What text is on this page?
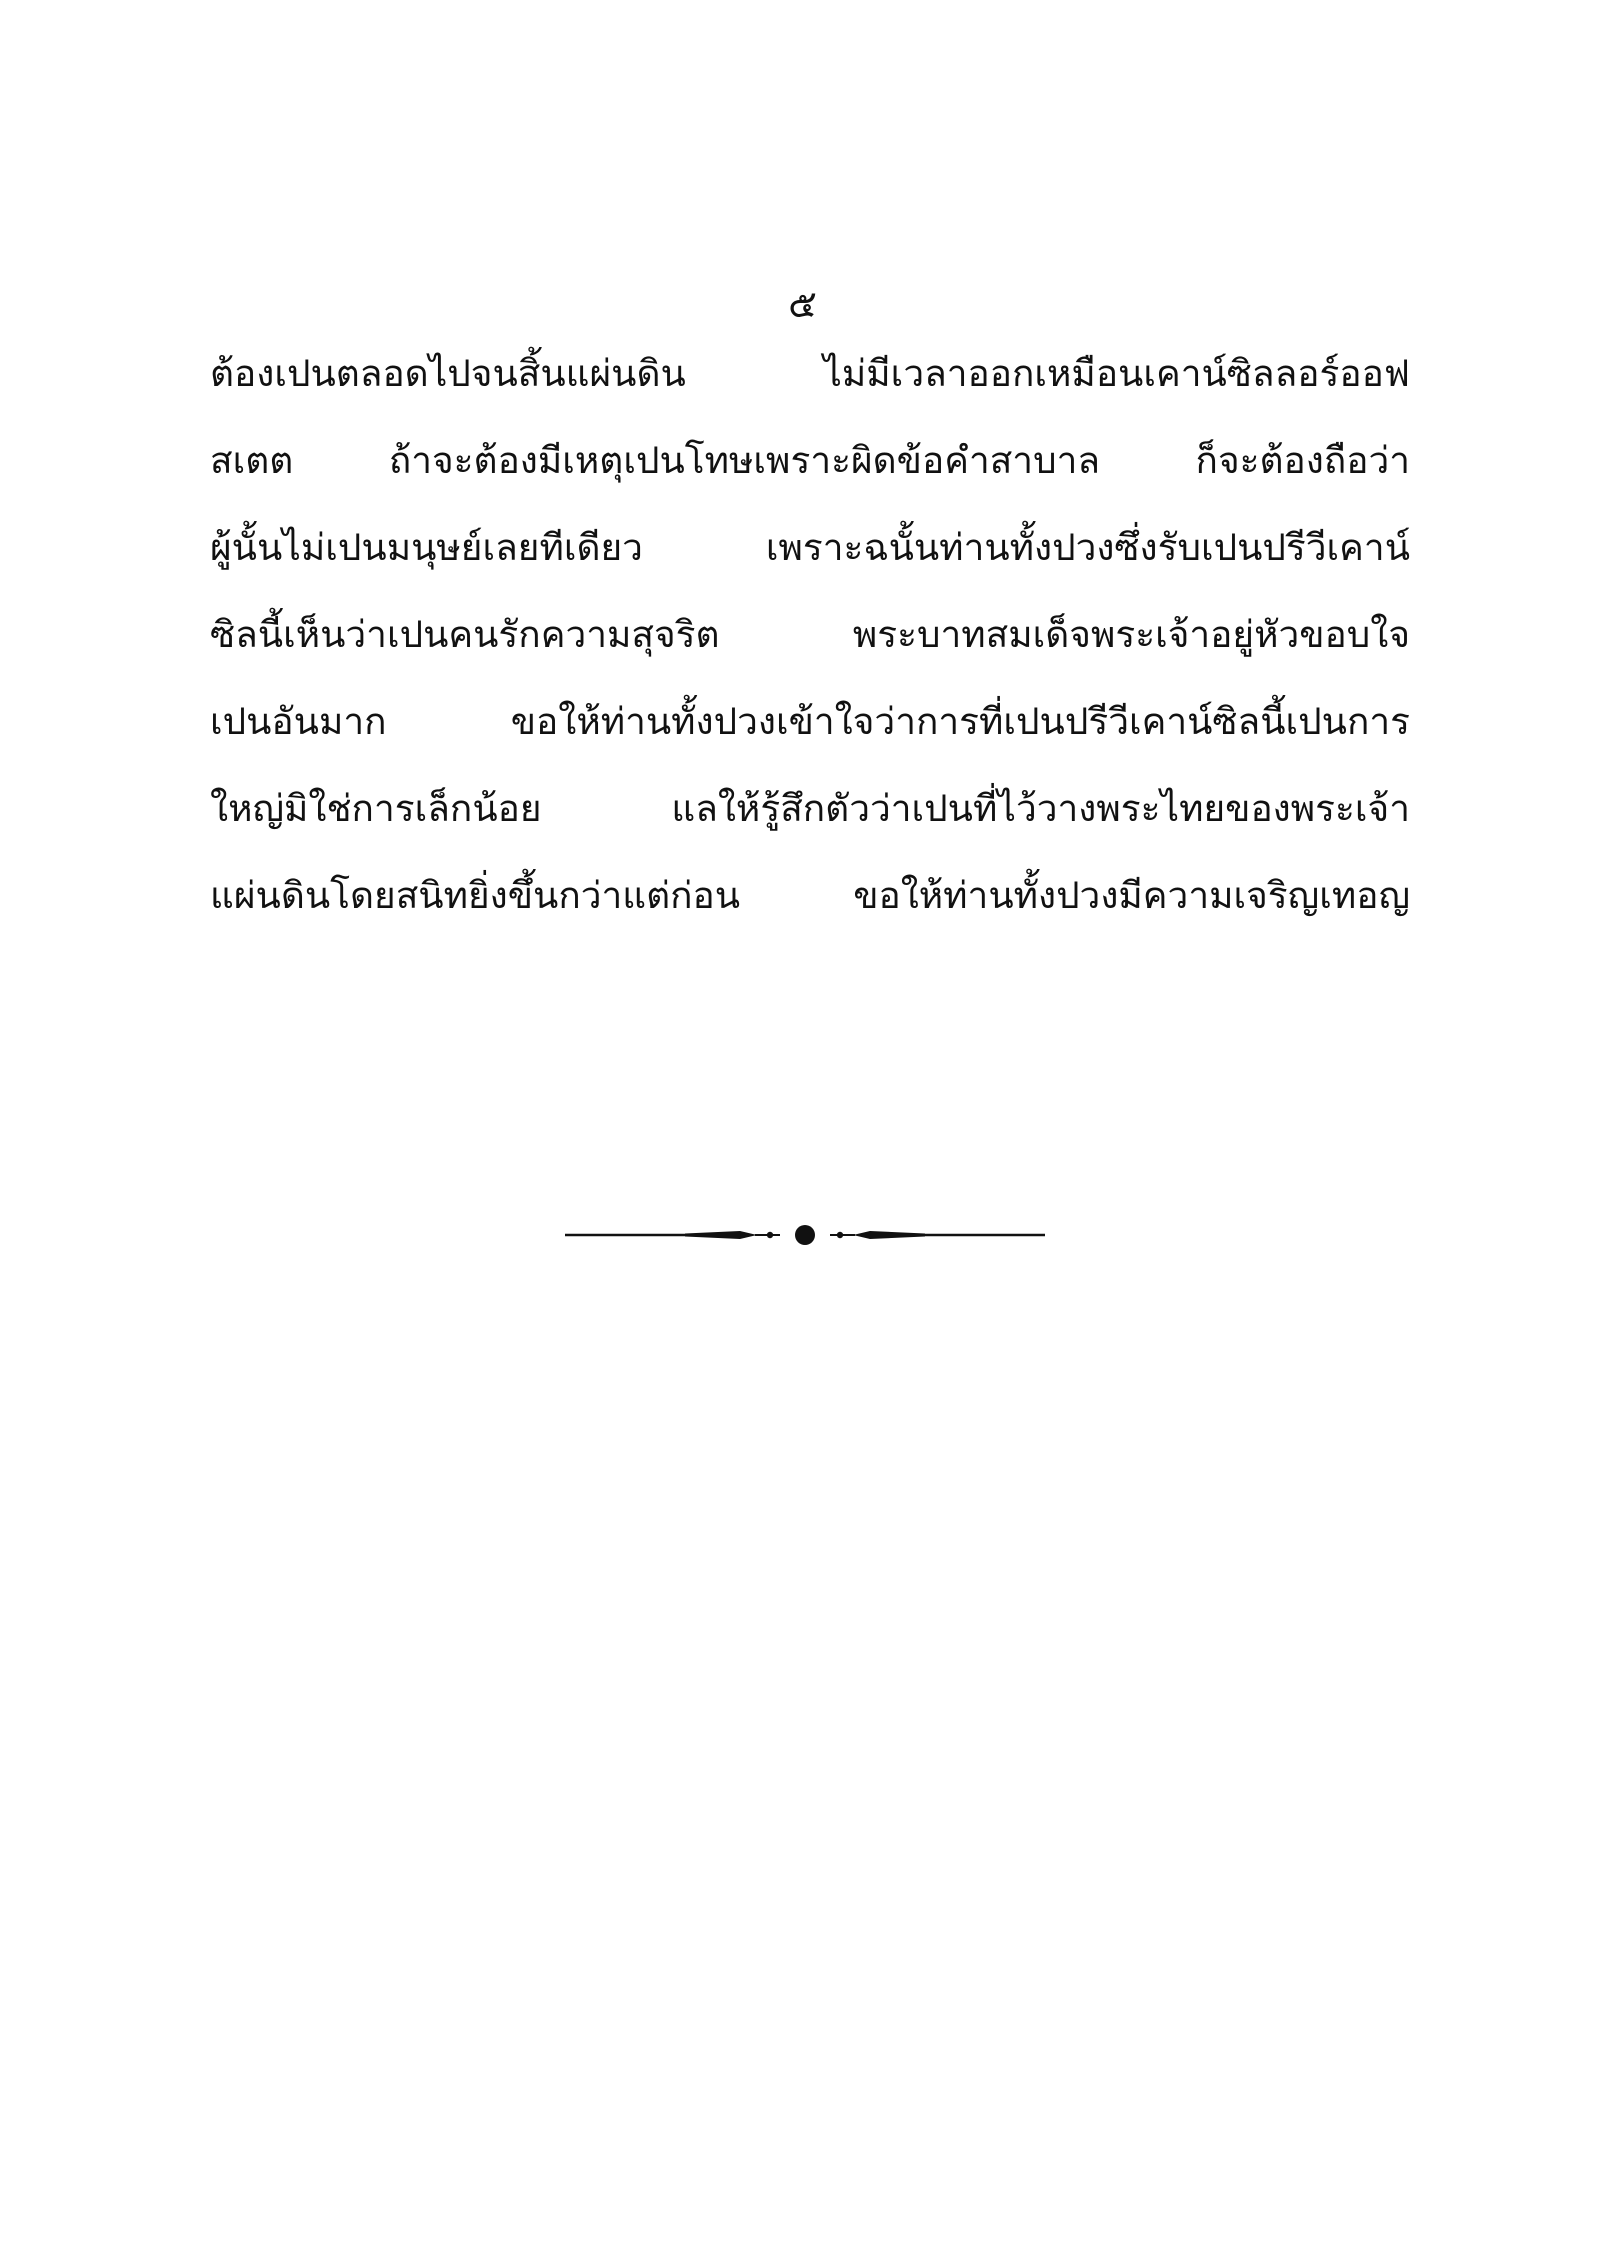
๕
ต้องเปนตลอดไปจนสิ้นแผ่นดิน	ไม่มีเวลาออกเหมือนเคาน์ซิลลอร์ออฟ
สเตต	ถ้าจะต้องมีเหตุเปนโทษเพราะผิดข้อคำสาบาล	ก็จะต้องถือว่า
ผู้นั้นไม่เปนมนุษย์เลยทีเดียว	เพราะฉนั้นท่านทั้งปวงซึ่งรับเปนปรีวีเคาน์
ซิลนี้เห็นว่าเปนคนรักความสุจริต	พระบาทสมเด็จพระเจ้าอยู่หัวขอบใจ
เปนอันมาก	ขอให้ท่านทั้งปวงเข้าใจว่าการที่เปนปรีวีเคาน์ซิลนี้เปนการ
ใหญ่มิใช่การเล็กน้อย	แลให้รู้สึกตัวว่าเปนที่ไว้วางพระไทยของพระเจ้า
แผ่นดินโดยสนิทยิ่งขึ้นกว่าแต่ก่อน	ขอให้ท่านทั้งปวงมีความเจริญเทอญ
